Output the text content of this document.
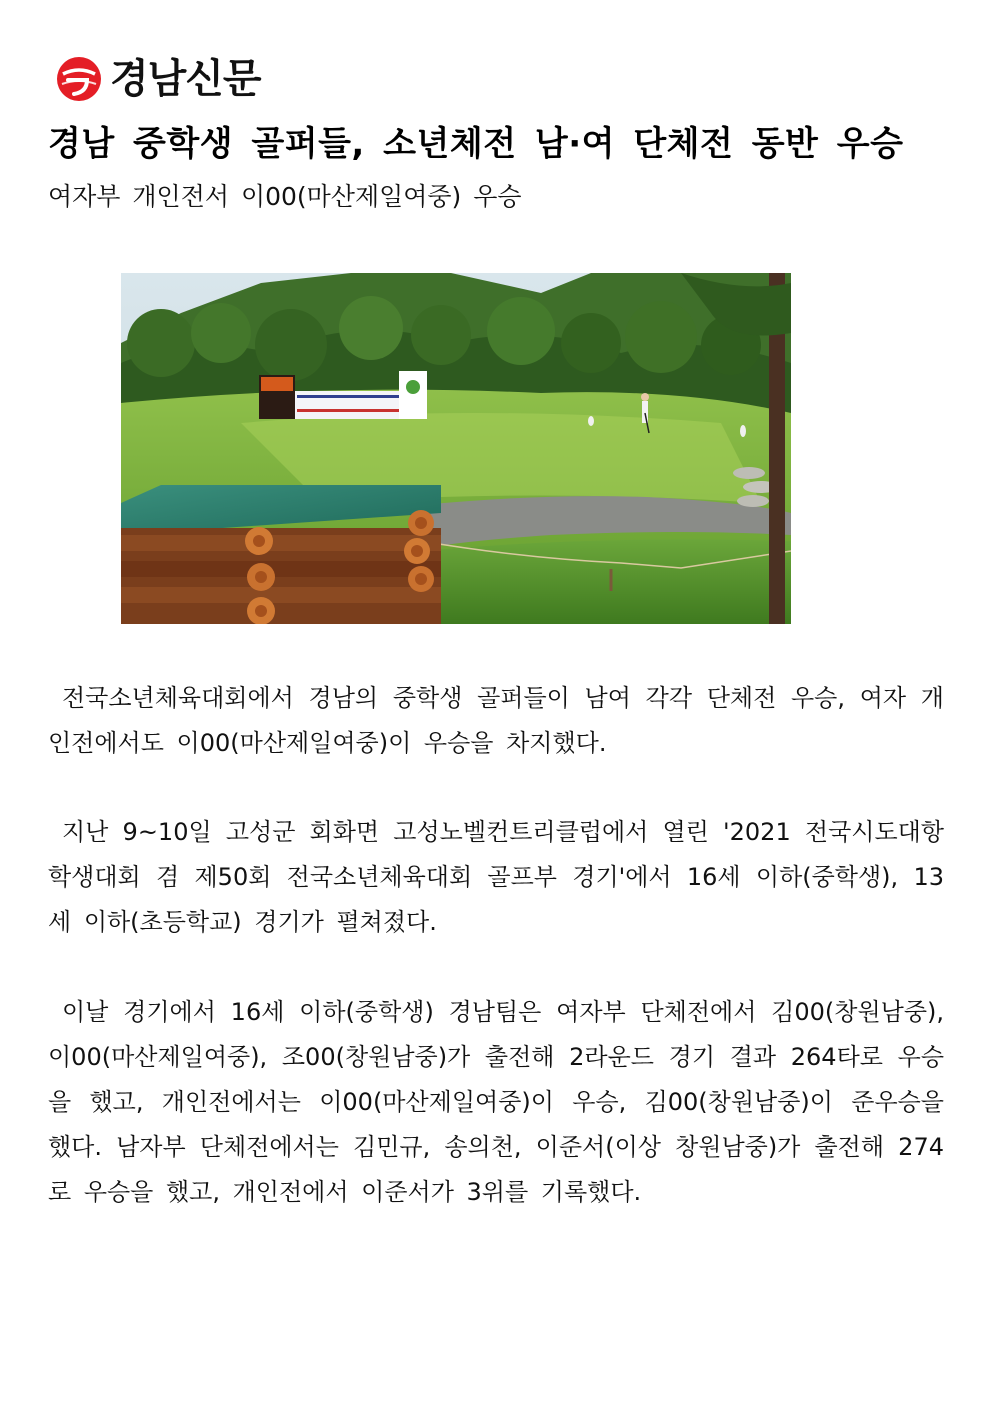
경남신문
경남 중학생 골퍼들, 소년체전 남·여 단체전 동반 우승

여자부 개인전서 이00(마산제일여중) 우승

전국소년체육대회에서 경남의 중학생 골퍼들이 남여 각각 단체전 우승, 여자 개인전에서도 이00(마산제일여중)이 우승을 차지했다.

지난 9~10일 고성군 회화면 고성노벨컨트리클럽에서 열린 '2021 전국시도대항 학생대회 겸 제50회 전국소년체육대회 골프부 경기'에서 16세 이하(중학생), 13세 이하(초등학교) 경기가 펼쳐졌다.

이날 경기에서 16세 이하(중학생) 경남팀은 여자부 단체전에서 김00(창원남중), 이00(마산제일여중), 조00(창원남중)가 출전해 2라운드 경기 결과 264타로 우승을 했고, 개인전에서는 이00(마산제일여중)이 우승, 김00(창원남중)이 준우승을 했다. 남자부 단체전에서는 김민규, 송의천, 이준서(이상 창원남중)가 출전해 274로 우승을 했고, 개인전에서 이준서가 3위를 기록했다.
